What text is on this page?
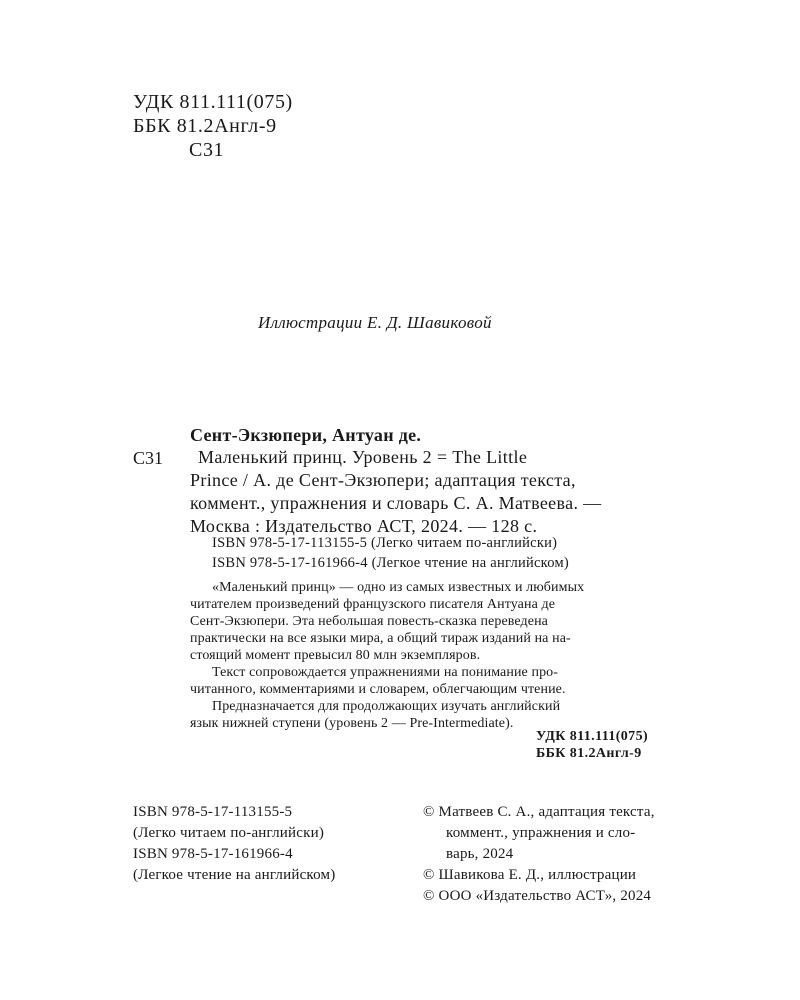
УДК 811.111(075)
ББК 81.2Англ-9
С31
Иллюстрации Е. Д. Шавиковой
Сент-Экзюпери, Антуан де.
С31	Маленький принц. Уровень 2 = The Little
Prince / А. де Сент-Экзюпери; адаптация текста,
коммент., упражнения и словарь С. А. Матвеева. —
Москва : Издательство АСТ, 2024. — 128 с.
ISBN 978-5-17-113155-5 (Легко читаем по-английски)
ISBN 978-5-17-161966-4 (Легкое чтение на английском)
«Маленький принц» — одно из самых известных и любимых
читателем произведений французского писателя Антуана де
Сент-Экзюпери. Эта небольшая повесть-сказка переведена
практически на все языки мира, а общий тираж изданий на на-
стоящий момент превысил 80 млн экземпляров.
Текст сопровождается упражнениями на понимание про-
читанного, комментариями и словарем, облегчающим чтение.
Предназначается для продолжающих изучать английский
язык нижней ступени (уровень 2 — Pre-Intermediate).
УДК 811.111(075)
ББК 81.2Англ-9
ISBN 978-5-17-113155-5
(Легко читаем по-английски)
ISBN 978-5-17-161966-4
(Легкое чтение на английском)
© Матвеев С. А., адаптация текста,
коммент., упражнения и сло-
варь, 2024
© Шавикова Е. Д., иллюстрации
© ООО «Издательство АСТ», 2024
